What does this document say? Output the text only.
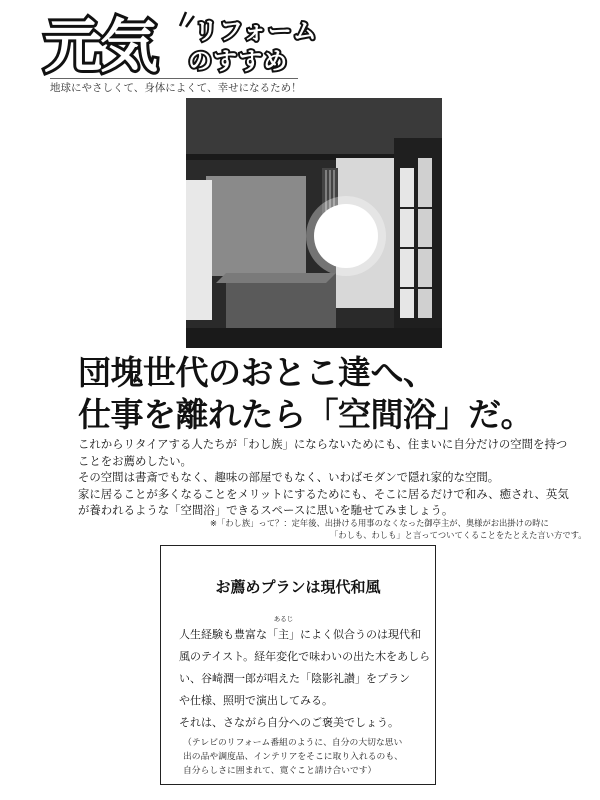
元気 リフォーム
のすすめ
地球にやさしくて、身体によくて、幸せになるため！
団塊世代のおとこ達へ、
仕事を離れたら「空間浴」だ。

これからリタイアする人たちが「わし族」にならないためにも、住まいに自分だけの空間を持つことをお薦めしたい。

その空間は書斎でもなく、趣味の部屋でもなく、いわばモダンで隠れ家的な空間。

家に居ることが多くなることをメリットにするためにも、そこに居るだけで和み、癒され、英気が養われるような「空間浴」できるスペースに思いを馳せてみましょう。

※「わし族」って？：定年後、出掛ける用事のなくなった御亭主が、奥様がお出掛けの時に

「わしも、わしも」と言ってついてくることをたとえた言い方です。

お薦めプランは現代和風

人生経験も豊富な「
あるじ
主」によく似合うのは現代和

風のテイスト。経年変化で味わいの出た木をあしら

い、谷崎潤一郎が唱えた「陰影礼讃」をプラン

や仕様、照明で演出してみる。

それは、さながら自分へのご褒美でしょう。

（テレビのリフォーム番組のように、自分の大切な思い

出の品や調度品、インテリアをそこに取り入れるのも、

自分らしさに囲まれて、寛ぐこと請け合いです）
